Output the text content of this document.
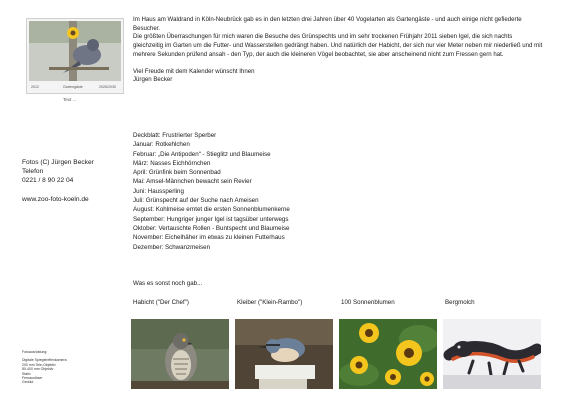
2012	Gartengäste	2026/2030
Text ...

Im Haus am Waldrand in Köln-Neubrück gab es in den letzten drei Jahren über 40 Vogelarten als Gartengäste - und auch einige nicht gefiederte Besucher.

Die größten Überraschungen für mich waren die Besuche des Grünspechts und im sehr trockenen Frühjahr 2011 sieben Igel, die sich nachts gleichzeitig im Garten um die Futter- und Wasserstellen gedrängt haben. Und natürlich der Habicht, der sich nur vier Meter neben mir niederließ und mit mehrere Sekunden prüfend ansah - den Typ, der auch die kleineren Vögel beobachtet, sie aber anscheinend nicht zum Fressen gern hat.

Viel Freude mit dem Kalender wünscht Ihnen

Jürgen Becker

Fotos (C) Jürgen Becker
Telefon
0221 / 8 90 22 04
www.zoo-foto-koeln.de
Deckblatt: Frustrierter Sperber
Januar: Rotkehlchen
Februar: „Die Antipoden“ - Stieglitz und Blaumeise
März: Nasses Eichhörnchen
April: Grünfink beim Sonnenbad
Mai: Amsel-Männchen bewacht sein Revier
Juni: Haussperling
Juli: Grünspecht auf der Suche nach Ameisen
August: Kohlmeise erntet die ersten Sonnenblumenkerne
September: Hungriger junger Igel ist tagsüber unterwegs
Oktober: Vertauschte Rollen - Buntspecht und Blaumeise
November: Eichelhäher im etwas zu kleinen Futterhaus
Dezember: Schwanzmeisen
Was es sonst noch gab...
Habicht ("Der Chef")	Kleiber ("Klein-Rambo")	100 Sonnenblumen	Bergmolch
Fotoausrüstung:
Digitale Spiegelreflexkamera
200 mm Tele-Objektiv
80-400 mm Objektiv
Stativ
Fernauslöser
Geduld
